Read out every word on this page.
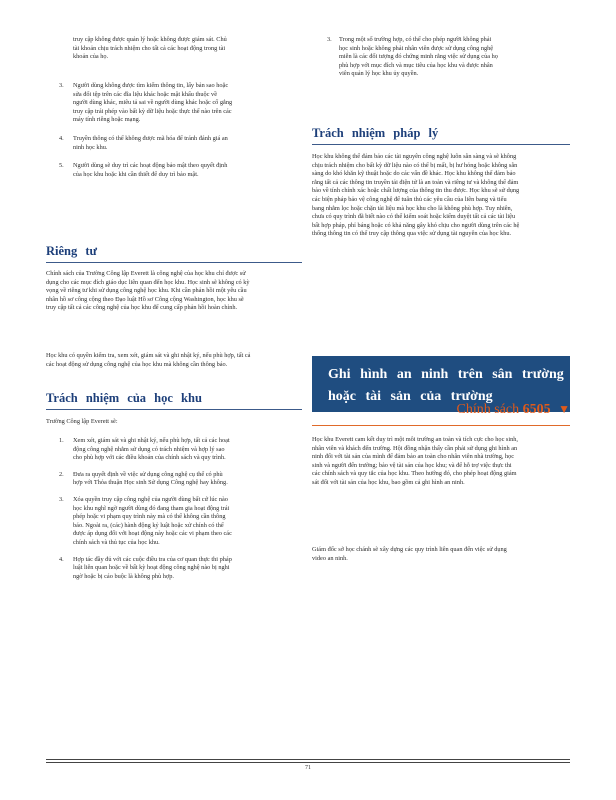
truy cập không được quản lý hoặc không được giám sát. Chủ tài khoản chịu trách nhiệm cho tất cả các hoạt động trong tài khoản của họ.

3. Người dùng không được tìm kiếm thông tin, lấy bản sao hoặc sửa đổi tệp trên các đĩa liệu khác hoặc mật khẩu thuộc về người dùng khác, miêu tả sai về người dùng khác hoặc cố gắng truy cập trái phép vào bất kỳ dữ liệu hoặc thực thể nào trên các máy tính riêng hoặc mạng.
4. Truyền thông có thể không được mã hóa để tránh đánh giá an ninh học khu.
5. Người dùng sẽ duy trì các hoạt động bảo mật theo quyết định của học khu hoặc khi cần thiết để duy trì bảo mật.
Riêng tư

Chính sách của Trường Công lập Everett là công nghệ của học khu chỉ được sử dụng cho các mục đích giáo dục liên quan đến học khu. Học sinh sẽ không có kỳ vọng về riêng tư khi sử dụng công nghệ học khu. Khi cần phản hồi một yêu cầu nhân hồ sơ công cộng theo Đạo luật Hồ sơ Công cộng Washington, học khu sẽ truy cập tất cả các công nghệ của học khu để cung cấp phản hồi hoàn chỉnh.

Học khu có quyền kiểm tra, xem xét, giám sát và ghi nhật ký, nếu phù hợp, tất cả các hoạt động sử dụng công nghệ của học khu mà không cần thông báo.

Trách nhiệm của học khu

Trường Công lập Everett sẽ:

1. Xem xét, giám sát và ghi nhật ký, nếu phù hợp, tất cả các hoạt động công nghệ nhằm sử dụng có trách nhiệm và hợp lý sao cho phù hợp với các điều khoản của chính sách và quy trình.
2. Đưa ra quyết định về việc sử dụng công nghệ cụ thể có phù hợp với Thỏa thuận Học sinh Sử dụng Công nghệ hay không.
3. Xóa quyền truy cập công nghệ của người dùng bất cứ lúc nào học khu nghĩ ngờ người dùng đó đang tham gia hoạt động trái phép hoặc vi phạm quy trình này mà có thể không cần thông báo. Ngoài ra, (các) hành động kỷ luật hoặc xử chính có thể được áp dụng đối với hoạt động này hoặc các vi phạm theo các chính sách và thủ tục của học khu.
4. Hợp tác đầy đủ với các cuộc điều tra của cơ quan thực thi pháp luật liên quan hoặc về bất kỳ hoạt động công nghệ nào bị nghi ngờ hoặc bị cáo buộc là không phù hợp.
3. Trong một số trường hợp, có thể cho phép người không phải học sinh hoặc không phải nhân viên được sử dụng công nghệ miễn là các đối tượng đó chứng minh rằng việc sử dụng của họ phù hợp với mục đích và mục tiêu của học khu và được nhân viên quản lý học khu ủy quyền.
Trách nhiệm pháp lý

Học khu không thể đảm bảo các tài nguyên công nghệ luôn sẵn sàng và sẽ không chịu trách nhiệm cho bất kỳ dữ liệu nào có thể bị mất, bị hư hỏng hoặc không sẵn sàng do khó khăn kỹ thuật hoặc do các vấn đề khác. Học khu không thể đảm bảo rằng tất cả các thông tin truyền tải điện tử là an toàn và riêng tư và không thể đảm bảo về tính chính xác hoặc chất lượng của thông tin thu được. Học khu sẽ sử dụng các biện pháp bảo vệ công nghệ để tuân thủ các yêu cầu của liên bang và tiểu bang nhằm lọc hoặc chặn tài liệu mà học khu cho là không phù hợp. Tuy nhiên, chưa có quy trình đã biết nào có thể kiểm soát hoặc kiểm duyệt tất cả các tài liệu bất hợp pháp, phỉ báng hoặc có khả năng gây khó chịu cho người dùng trên các hệ thống thông tin có thể truy cập thông qua việc sử dụng tài nguyên của học khu.

Học khu Everett cam kết duy trì một môi trường an toàn và tích cực cho học sinh, nhân viên và khách đến trường. Hội đồng nhận thấy cần phải sử dụng ghi hình an ninh đối với tài sản của mình để đảm bảo an toàn cho nhân viên nhà trường, học sinh và người đến trường; bảo vệ tài sản của học khu; và để hỗ trợ việc thực thi các chính sách và quy tắc của học khu. Theo hướng đó, cho phép hoạt động giám sát đối với tài sản của học khu, bao gồm cả ghi hình an ninh.

Giám đốc sở học chánh sẽ xây dựng các quy trình liên quan đến việc sử dụng video an ninh.

Ghi hình an ninh trên sân trường
hoặc tài sản của trường
Chính sách 6505 ▼
71
